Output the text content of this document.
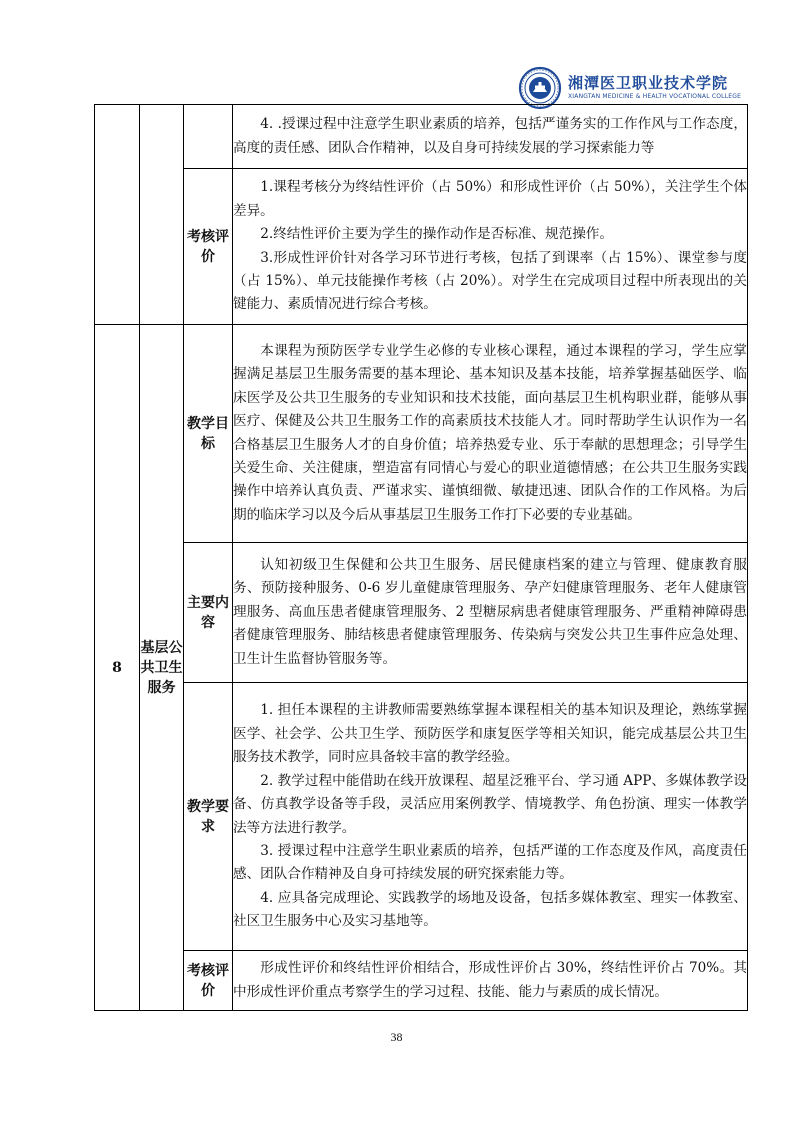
湘潭医卫职业技术学院
XIANGTAN MEDICINE & HEALTH VOCATIONAL COLLEGE

			4. .授课过程中注意学生职业素质的培养，包括严谨务实的工作作风与工作态度，高度的责任感、团队合作精神，以及自身可持续发展的学习探索能力等

		考核评价	1.课程考核分为终结性评价（占 50%）和形成性评价（占 50%），关注学生个体差异。

2.终结性评价主要为学生的操作动作是否标准、规范操作。

3.形成性评价针对各学习环节进行考核，包括了到课率（占 15%）、课堂参与度（占 15%）、单元技能操作考核（占 20%）。对学生在完成项目过程中所表现出的关键能力、素质情况进行综合考核。

8	基层公共卫生服务	教学目标	本课程为预防医学专业学生必修的专业核心课程，通过本课程的学习，学生应掌握满足基层卫生服务需要的基本理论、基本知识及基本技能，培养掌握基础医学、临床医学及公共卫生服务的专业知识和技术技能，面向基层卫生机构职业群，能够从事医疗、保健及公共卫生服务工作的高素质技术技能人才。同时帮助学生认识作为一名合格基层卫生服务人才的自身价值；培养热爱专业、乐于奉献的思想理念；引导学生关爱生命、关注健康，塑造富有同情心与爱心的职业道德情感；在公共卫生服务实践操作中培养认真负责、严谨求实、谨慎细微、敏捷迅速、团队合作的工作风格。为后期的临床学习以及今后从事基层卫生服务工作打下必要的专业基础。

		主要内容	认知初级卫生保健和公共卫生服务、居民健康档案的建立与管理、健康教育服务、预防接种服务、0-6 岁儿童健康管理服务、孕产妇健康管理服务、老年人健康管理服务、高血压患者健康管理服务、2 型糖尿病患者健康管理服务、严重精神障碍患者健康管理服务、肺结核患者健康管理服务、传染病与突发公共卫生事件应急处理、卫生计生监督协管服务等。

		教学要求	1. 担任本课程的主讲教师需要熟练掌握本课程相关的基本知识及理论，熟练掌握医学、社会学、公共卫生学、预防医学和康复医学等相关知识，能完成基层公共卫生服务技术教学，同时应具备较丰富的教学经验。

2. 教学过程中能借助在线开放课程、超星泛雅平台、学习通 APP、多媒体教学设备、仿真教学设备等手段，灵活应用案例教学、情境教学、角色扮演、理实一体教学法等方法进行教学。

3. 授课过程中注意学生职业素质的培养，包括严谨的工作态度及作风，高度责任感、团队合作精神及自身可持续发展的研究探索能力等。

4. 应具备完成理论、实践教学的场地及设备，包括多媒体教室、理实一体教室、社区卫生服务中心及实习基地等。

		考核评价	形成性评价和终结性评价相结合，形成性评价占 30%，终结性评价占 70%。其中形成性评价重点考察学生的学习过程、技能、能力与素质的成长情况。

38
